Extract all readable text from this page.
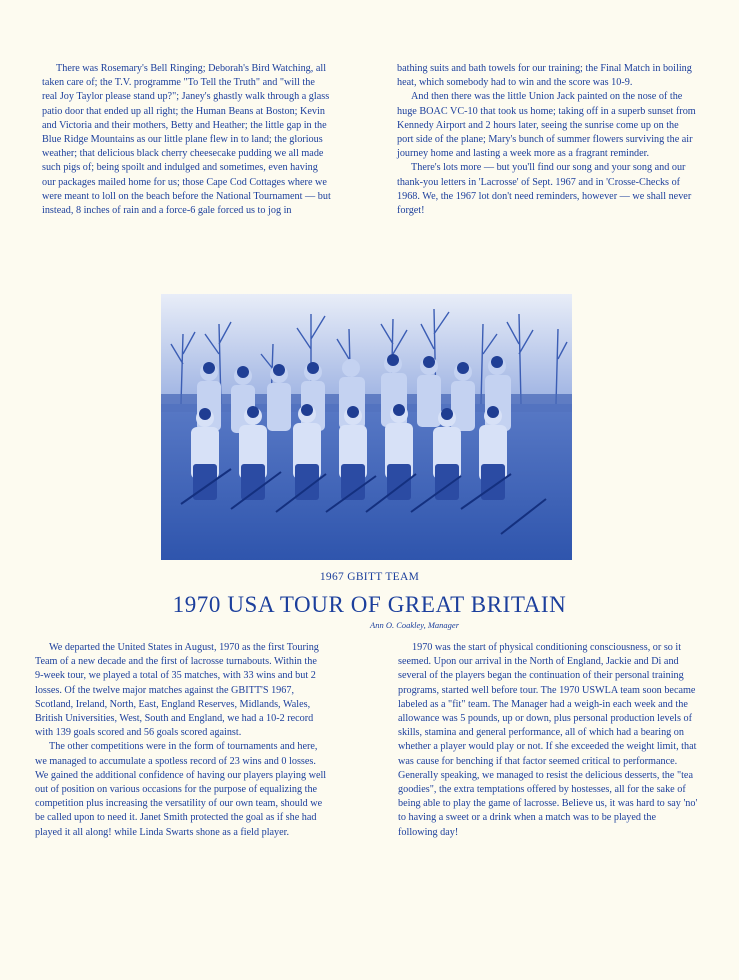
There was Rosemary's Bell Ringing; Deborah's Bird Watching, all taken care of; the T.V. programme "To Tell the Truth" and "will the real Joy Taylor please stand up?"; Janey's ghastly walk through a glass patio door that ended up all right; the Human Beans at Boston; Kevin and Victoria and their mothers, Betty and Heather; the little gap in the Blue Ridge Mountains as our little plane flew in to land; the glorious weather; that delicious black cherry cheesecake pudding we all made such pigs of; being spoilt and indulged and sometimes, even having our packages mailed home for us; those Cape Cod Cottages where we were meant to loll on the beach before the National Tournament — but instead, 8 inches of rain and a force-6 gale forced us to jog in

bathing suits and bath towels for our training; the Final Match in boiling heat, which somebody had to win and the score was 10-9.

And then there was the little Union Jack painted on the nose of the huge BOAC VC-10 that took us home; taking off in a superb sunset from Kennedy Airport and 2 hours later, seeing the sunrise come up on the port side of the plane; Mary's bunch of summer flowers surviving the air journey home and lasting a week more as a fragrant reminder.

There's lots more — but you'll find our song and your song and our thank-you letters in 'Lacrosse' of Sept. 1967 and in 'Crosse-Checks of 1968. We, the 1967 lot don't need reminders, however — we shall never forget!

1967 GBITT TEAM
1970 USA TOUR OF GREAT BRITAIN
Ann O. Coakley, Manager

We departed the United States in August, 1970 as the first Touring Team of a new decade and the first of lacrosse turnabouts. Within the 9-week tour, we played a total of 35 matches, with 33 wins and but 2 losses. Of the twelve major matches against the GBITT'S 1967, Scotland, Ireland, North, East, England Reserves, Midlands, Wales, British Universities, West, South and England, we had a 10-2 record with 139 goals scored and 56 goals scored against.

The other competitions were in the form of tournaments and here, we managed to accumulate a spotless record of 23 wins and 0 losses. We gained the additional confidence of having our players playing well out of position on various occasions for the purpose of equalizing the competition plus increasing the versatility of our own team, should we be called upon to need it. Janet Smith protected the goal as if she had played it all along! while Linda Swarts shone as a field player.

1970 was the start of physical conditioning consciousness, or so it seemed. Upon our arrival in the North of England, Jackie and Di and several of the players began the continuation of their personal training programs, started well before tour. The 1970 USWLA team soon became labeled as a "fit" team. The Manager had a weigh-in each week and the allowance was 5 pounds, up or down, plus personal production levels of skills, stamina and general performance, all of which had a bearing on whether a player would play or not. If she exceeded the weight limit, that was cause for benching if that factor seemed critical to performance. Generally speaking, we managed to resist the delicious desserts, the "tea goodies", the extra temptations offered by hostesses, all for the sake of being able to play the game of lacrosse. Believe us, it was hard to say 'no' to having a sweet or a drink when a match was to be played the following day!
